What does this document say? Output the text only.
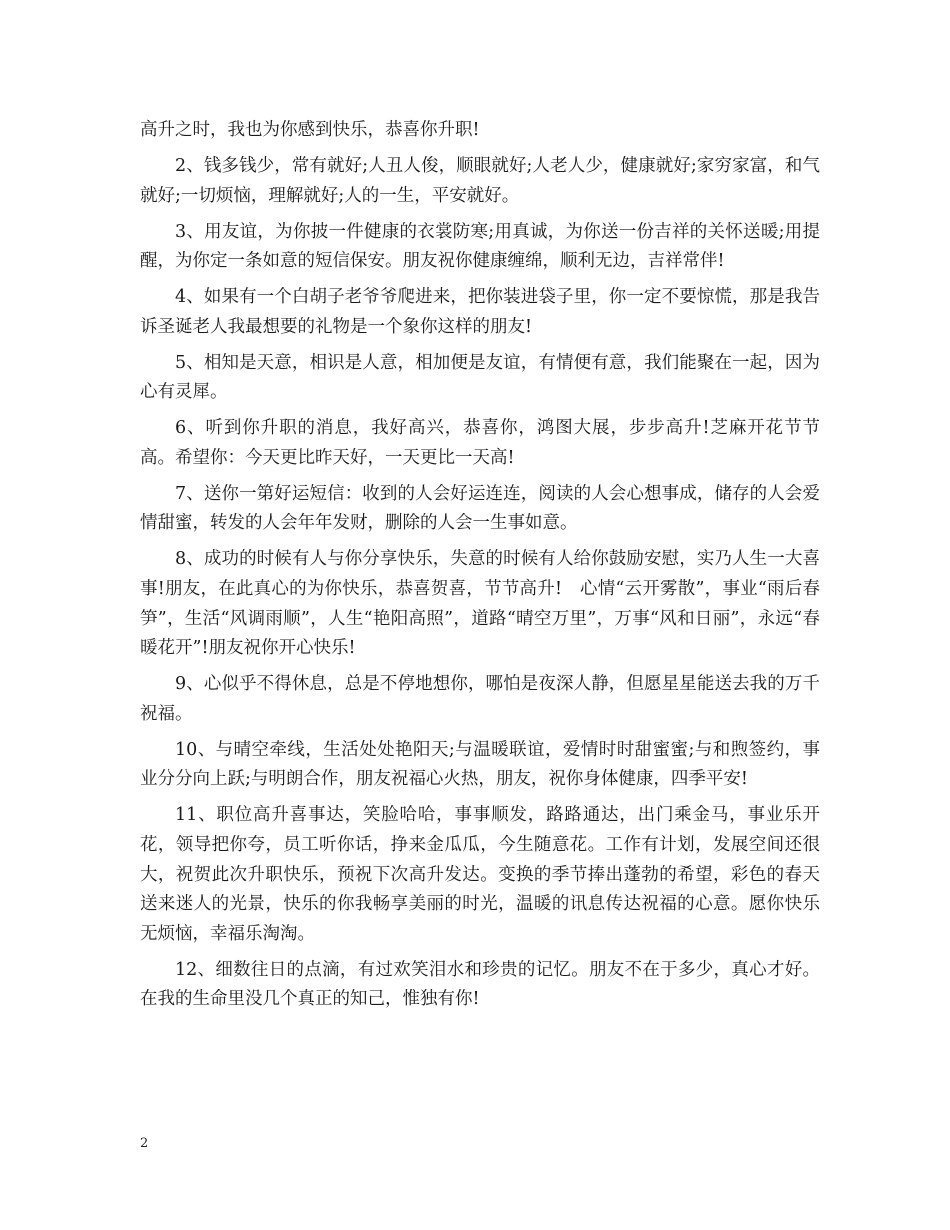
高升之时，我也为你感到快乐，恭喜你升职!

2、钱多钱少，常有就好;人丑人俊，顺眼就好;人老人少，健康就好;家穷家富，和气就好;一切烦恼，理解就好;人的一生，平安就好。

3、用友谊，为你披一件健康的衣裳防寒;用真诚，为你送一份吉祥的关怀送暖;用提醒，为你定一条如意的短信保安。朋友祝你健康缠绵，顺利无边，吉祥常伴!

4、如果有一个白胡子老爷爷爬进来，把你装进袋子里，你一定不要惊慌，那是我告诉圣诞老人我最想要的礼物是一个象你这样的朋友!

5、相知是天意，相识是人意，相加便是友谊，有情便有意，我们能聚在一起，因为心有灵犀。

6、听到你升职的消息，我好高兴，恭喜你，鸿图大展，步步高升!芝麻开花节节高。希望你：今天更比昨天好，一天更比一天高!

7、送你一第好运短信：收到的人会好运连连，阅读的人会心想事成，储存的人会爱情甜蜜，转发的人会年年发财，删除的人会一生事如意。

8、成功的时候有人与你分享快乐，失意的时候有人给你鼓励安慰，实乃人生一大喜事!朋友，在此真心的为你快乐，恭喜贺喜，节节高升!　心情“云开雾散”，事业“雨后春笋”，生活“风调雨顺”，人生“艳阳高照”，道路“晴空万里”，万事“风和日丽”，永远“春暖花开”!朋友祝你开心快乐!

9、心似乎不得休息，总是不停地想你，哪怕是夜深人静，但愿星星能送去我的万千祝福。

10、与晴空牵线，生活处处艳阳天;与温暖联谊，爱情时时甜蜜蜜;与和煦签约，事业分分向上跃;与明朗合作，朋友祝福心火热，朋友，祝你身体健康，四季平安!

11、职位高升喜事达，笑脸哈哈，事事顺发，路路通达，出门乘金马，事业乐开花，领导把你夸，员工听你话，挣来金瓜瓜，今生随意花。工作有计划，发展空间还很大，祝贺此次升职快乐，预祝下次高升发达。变换的季节捧出蓬勃的希望，彩色的春天送来迷人的光景，快乐的你我畅享美丽的时光，温暖的讯息传达祝福的心意。愿你快乐无烦恼，幸福乐淘淘。

12、细数往日的点滴，有过欢笑泪水和珍贵的记忆。朋友不在于多少，真心才好。在我的生命里没几个真正的知己，惟独有你!

2
